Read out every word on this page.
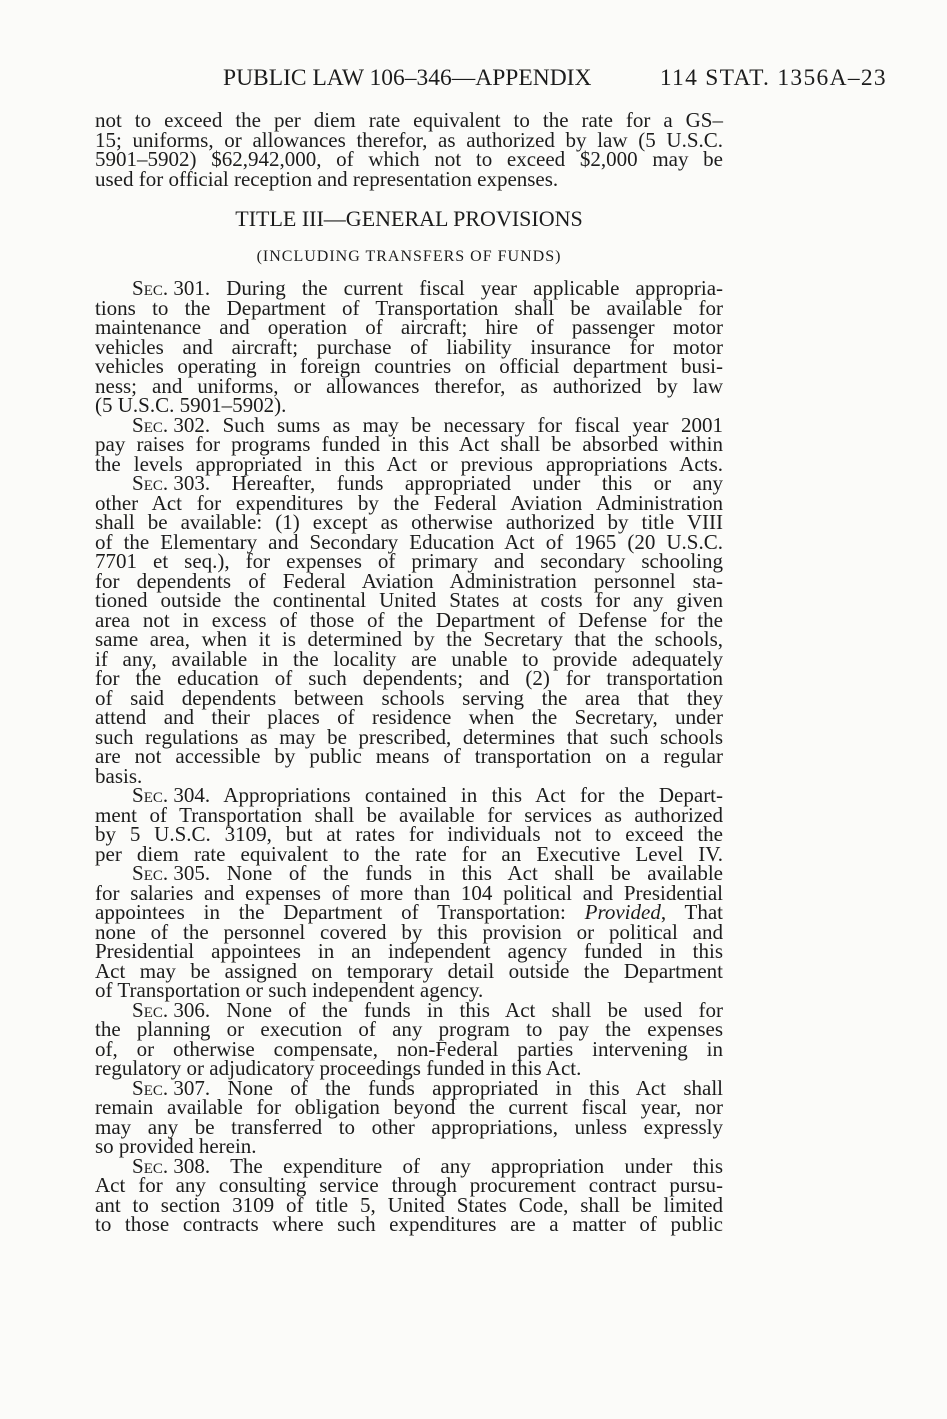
PUBLIC LAW 106–346—APPENDIX	114 STAT. 1356A–23
not to exceed the per diem rate equivalent to the rate for a GS–
15; uniforms, or allowances therefor, as authorized by law (5 U.S.C.
5901–5902) $62,942,000, of which not to exceed $2,000 may be
used for official reception and representation expenses.
TITLE III—GENERAL PROVISIONS
(INCLUDING TRANSFERS OF FUNDS)
Sec. 301. During the current fiscal year applicable appropria-
tions to the Department of Transportation shall be available for
maintenance and operation of aircraft; hire of passenger motor
vehicles and aircraft; purchase of liability insurance for motor
vehicles operating in foreign countries on official department busi-
ness; and uniforms, or allowances therefor, as authorized by law
(5 U.S.C. 5901–5902).
Sec. 302. Such sums as may be necessary for fiscal year 2001
pay raises for programs funded in this Act shall be absorbed within
the levels appropriated in this Act or previous appropriations Acts.
Sec. 303. Hereafter, funds appropriated under this or any
other Act for expenditures by the Federal Aviation Administration
shall be available: (1) except as otherwise authorized by title VIII
of the Elementary and Secondary Education Act of 1965 (20 U.S.C.
7701 et seq.), for expenses of primary and secondary schooling
for dependents of Federal Aviation Administration personnel sta-
tioned outside the continental United States at costs for any given
area not in excess of those of the Department of Defense for the
same area, when it is determined by the Secretary that the schools,
if any, available in the locality are unable to provide adequately
for the education of such dependents; and (2) for transportation
of said dependents between schools serving the area that they
attend and their places of residence when the Secretary, under
such regulations as may be prescribed, determines that such schools
are not accessible by public means of transportation on a regular
basis.
Sec. 304. Appropriations contained in this Act for the Depart-
ment of Transportation shall be available for services as authorized
by 5 U.S.C. 3109, but at rates for individuals not to exceed the
per diem rate equivalent to the rate for an Executive Level IV.
Sec. 305. None of the funds in this Act shall be available
for salaries and expenses of more than 104 political and Presidential
appointees in the Department of Transportation: Provided, That
none of the personnel covered by this provision or political and
Presidential appointees in an independent agency funded in this
Act may be assigned on temporary detail outside the Department
of Transportation or such independent agency.
Sec. 306. None of the funds in this Act shall be used for
the planning or execution of any program to pay the expenses
of, or otherwise compensate, non-Federal parties intervening in
regulatory or adjudicatory proceedings funded in this Act.
Sec. 307. None of the funds appropriated in this Act shall
remain available for obligation beyond the current fiscal year, nor
may any be transferred to other appropriations, unless expressly
so provided herein.
Sec. 308. The expenditure of any appropriation under this
Act for any consulting service through procurement contract pursu-
ant to section 3109 of title 5, United States Code, shall be limited
to those contracts where such expenditures are a matter of public
